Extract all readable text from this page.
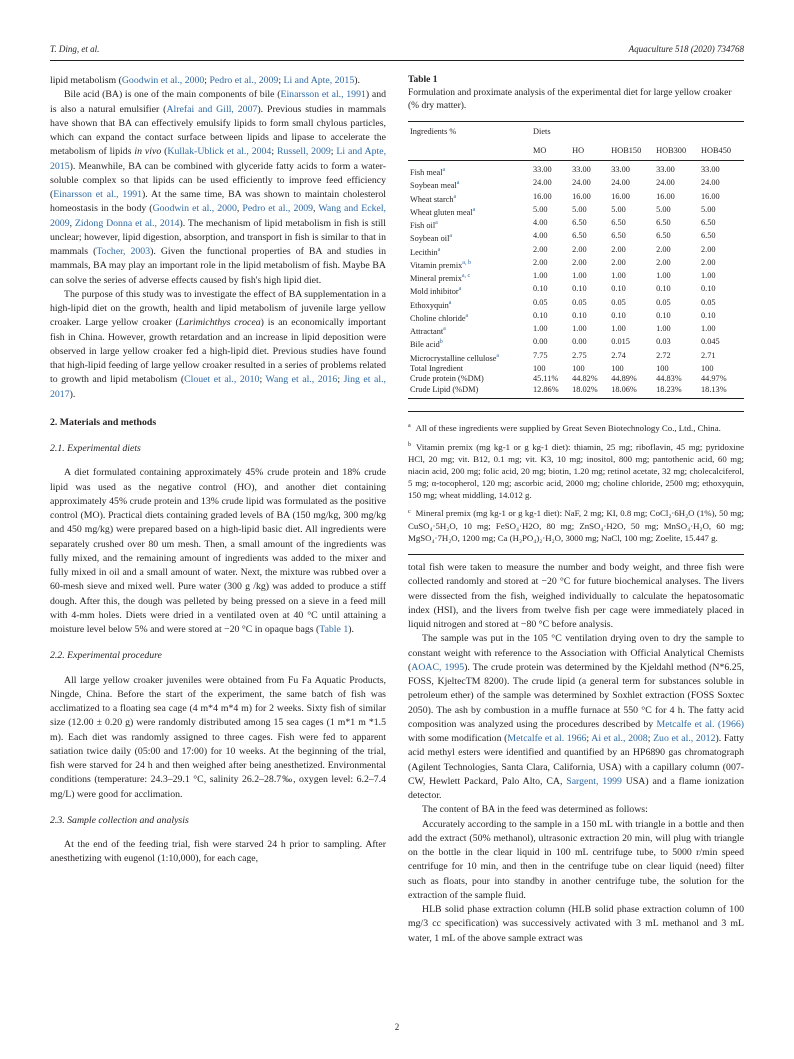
T. Ding, et al.	Aquaculture 518 (2020) 734768

lipid metabolism (Goodwin et al., 2000; Pedro et al., 2009; Li and Apte, 2015).

Bile acid (BA) is one of the main components of bile (Einarsson et al., 1991) and is also a natural emulsifier (Alrefai and Gill, 2007). Previous studies in mammals have shown that BA can effectively emulsify lipids to form small chylous particles, which can expand the contact surface between lipids and lipase to accelerate the metabolism of lipids in vivo (Kullak-Ublick et al., 2004; Russell, 2009; Li and Apte, 2015). Meanwhile, BA can be combined with glyceride fatty acids to form a water-soluble complex so that lipids can be used efficiently to improve feed efficiency (Einarsson et al., 1991). At the same time, BA was shown to maintain cholesterol homeostasis in the body (Goodwin et al., 2000, Pedro et al., 2009, Wang and Eckel, 2009, Zidong Donna et al., 2014). The mechanism of lipid metabolism in fish is still unclear; however, lipid digestion, absorption, and transport in fish is similar to that in mammals (Tocher, 2003). Given the functional properties of BA and studies in mammals, BA may play an important role in the lipid metabolism of fish. Maybe BA can solve the series of adverse effects caused by fish's high lipid diet.

The purpose of this study was to investigate the effect of BA supplementation in a high-lipid diet on the growth, health and lipid metabolism of juvenile large yellow croaker. Large yellow croaker (Larimichthys crocea) is an economically important fish in China. However, growth retardation and an increase in lipid deposition were observed in large yellow croaker fed a high-lipid diet. Previous studies have found that high-lipid feeding of large yellow croaker resulted in a series of problems related to growth and lipid metabolism (Clouet et al., 2010; Wang et al., 2016; Jing et al., 2017).

2. Materials and methods
2.1. Experimental diets

A diet formulated containing approximately 45% crude protein and 18% crude lipid was used as the negative control (HO), and another diet containing approximately 45% crude protein and 13% crude lipid was formulated as the positive control (MO). Practical diets containing graded levels of BA (150 mg/kg, 300 mg/kg and 450 mg/kg) were prepared based on a high-lipid basic diet. All ingredients were separately crushed over 80 um mesh. Then, a small amount of the ingredients was fully mixed, and the remaining amount of ingredients was added to the mixer and fully mixed in oil and a small amount of water. Next, the mixture was rubbed over a 60-mesh sieve and mixed well. Pure water (300 g /kg) was added to produce a stiff dough. After this, the dough was pelleted by being pressed on a sieve in a feed mill with 4-mm holes. Diets were dried in a ventilated oven at 40 °C until attaining a moisture level below 5% and were stored at −20 °C in opaque bags (Table 1).

2.2. Experimental procedure

All large yellow croaker juveniles were obtained from Fu Fa Aquatic Products, Ningde, China. Before the start of the experiment, the same batch of fish was acclimatized to a floating sea cage (4 m*4 m*4 m) for 2 weeks. Sixty fish of similar size (12.00 ± 0.20 g) were randomly distributed among 15 sea cages (1 m*1 m *1.5 m). Each diet was randomly assigned to three cages. Fish were fed to apparent satiation twice daily (05:00 and 17:00) for 10 weeks. At the beginning of the trial, fish were starved for 24 h and then weighed after being anesthetized. Environmental conditions (temperature: 24.3–29.1 °C, salinity 26.2–28.7‰, oxygen level: 6.2–7.4 mg/L) were good for acclimation.

2.3. Sample collection and analysis

At the end of the feeding trial, fish were starved 24 h prior to sampling. After anesthetizing with eugenol (1:10,000), for each cage,

Table 1
Formulation and proximate analysis of the experimental diet for large yellow croaker (% dry matter).
Ingredients %	Diets				
	MO	HO	HOB150	HOB300	HOB450
Fish meal$^a$	33.00	33.00	33.00	33.00	33.00
Soybean meal$^a$	24.00	24.00	24.00	24.00	24.00
Wheat starch$^a$	16.00	16.00	16.00	16.00	16.00
Wheat gluten meal$^a$	5.00	5.00	5.00	5.00	5.00
Fish oil$^a$	4.00	6.50	6.50	6.50	6.50
Soybean oil$^a$	4.00	6.50	6.50	6.50	6.50
Lecithin$^a$	2.00	2.00	2.00	2.00	2.00
Vitamin premix$^{a, b}$	2.00	2.00	2.00	2.00	2.00
Mineral premix$^{a, c}$	1.00	1.00	1.00	1.00	1.00
Mold inhibitor$^a$	0.10	0.10	0.10	0.10	0.10
Ethoxyquin$^a$	0.05	0.05	0.05	0.05	0.05
Choline chloride$^a$	0.10	0.10	0.10	0.10	0.10
Attractant$^a$	1.00	1.00	1.00	1.00	1.00
Bile acid$^b$	0.00	0.00	0.015	0.03	0.045
Microcrystalline cellulose$^a$	7.75	2.75	2.74	2.72	2.71
Total Ingredient	100	100	100	100	100
Crude protein (%DM)	45.11%	44.82%	44.89%	44.83%	44.97%
Crude Lipid (%DM)	12.86%	18.02%	18.06%	18.23%	18.13%
$^a$ All of these ingredients were supplied by Great Seven Biotechnology Co., Ltd., China.
$^b$ Vitamin premix (mg kg-1 or g kg-1 diet): thiamin, 25 mg; riboflavin, 45 mg; pyridoxine HCl, 20 mg; vit. B12, 0.1 mg; vit. K3, 10 mg; inositol, 800 mg; pantothenic acid, 60 mg; niacin acid, 200 mg; folic acid, 20 mg; biotin, 1.20 mg; retinol acetate, 32 mg; cholecalciferol, 5 mg; α-tocopherol, 120 mg; ascorbic acid, 2000 mg; choline chloride, 2500 mg; ethoxyquin, 150 mg; wheat middling, 14.012 g.
$^c$ Mineral premix (mg kg-1 or g kg-1 diet): NaF, 2 mg; KI, 0.8 mg; CoCl₂·6H₂O (1%), 50 mg; CuSO₄·5H₂O, 10 mg; FeSO₄·H2O, 80 mg; ZnSO₄·H2O, 50 mg; MnSO₄·H₂O, 60 mg; MgSO₄·7H₂O, 1200 mg; Ca (H₂PO₄)₂·H₂O, 3000 mg; NaCl, 100 mg; Zoelite, 15.447 g.

total fish were taken to measure the number and body weight, and three fish were collected randomly and stored at −20 °C for future biochemical analyses. The livers were dissected from the fish, weighed individually to calculate the hepatosomatic index (HSI), and the livers from twelve fish per cage were immediately placed in liquid nitrogen and stored at −80 °C before analysis.

The sample was put in the 105 °C ventilation drying oven to dry the sample to constant weight with reference to the Association with Official Analytical Chemists (AOAC, 1995). The crude protein was determined by the Kjeldahl method (N*6.25, FOSS, KjeltecTM 8200). The crude lipid (a general term for substances soluble in petroleum ether) of the sample was determined by Soxhlet extraction (FOSS Soxtec 2050). The ash by combustion in a muffle furnace at 550 °C for 4 h. The fatty acid composition was analyzed using the procedures described by Metcalfe et al. (1966) with some modification (Metcalfe et al. 1966; Ai et al., 2008; Zuo et al., 2012). Fatty acid methyl esters were identified and quantified by an HP6890 gas chromatograph (Agilent Technologies, Santa Clara, California, USA) with a capillary column (007-CW, Hewlett Packard, Palo Alto, CA, Sargent, 1999 USA) and a flame ionization detector.

The content of BA in the feed was determined as follows:

Accurately according to the sample in a 150 mL with triangle in a bottle and then add the extract (50% methanol), ultrasonic extraction 20 min, will plug with triangle on the bottle in the clear liquid in 100 mL centrifuge tube, to 5000 r/min speed centrifuge for 10 min, and then in the centrifuge tube on clear liquid (need) filter such as floats, pour into standby in another centrifuge tube, the solution for the extraction of the sample fluid.

HLB solid phase extraction column (HLB solid phase extraction column of 100 mg/3 cc specification) was successively activated with 3 mL methanol and 3 mL water, 1 mL of the above sample extract was

2
